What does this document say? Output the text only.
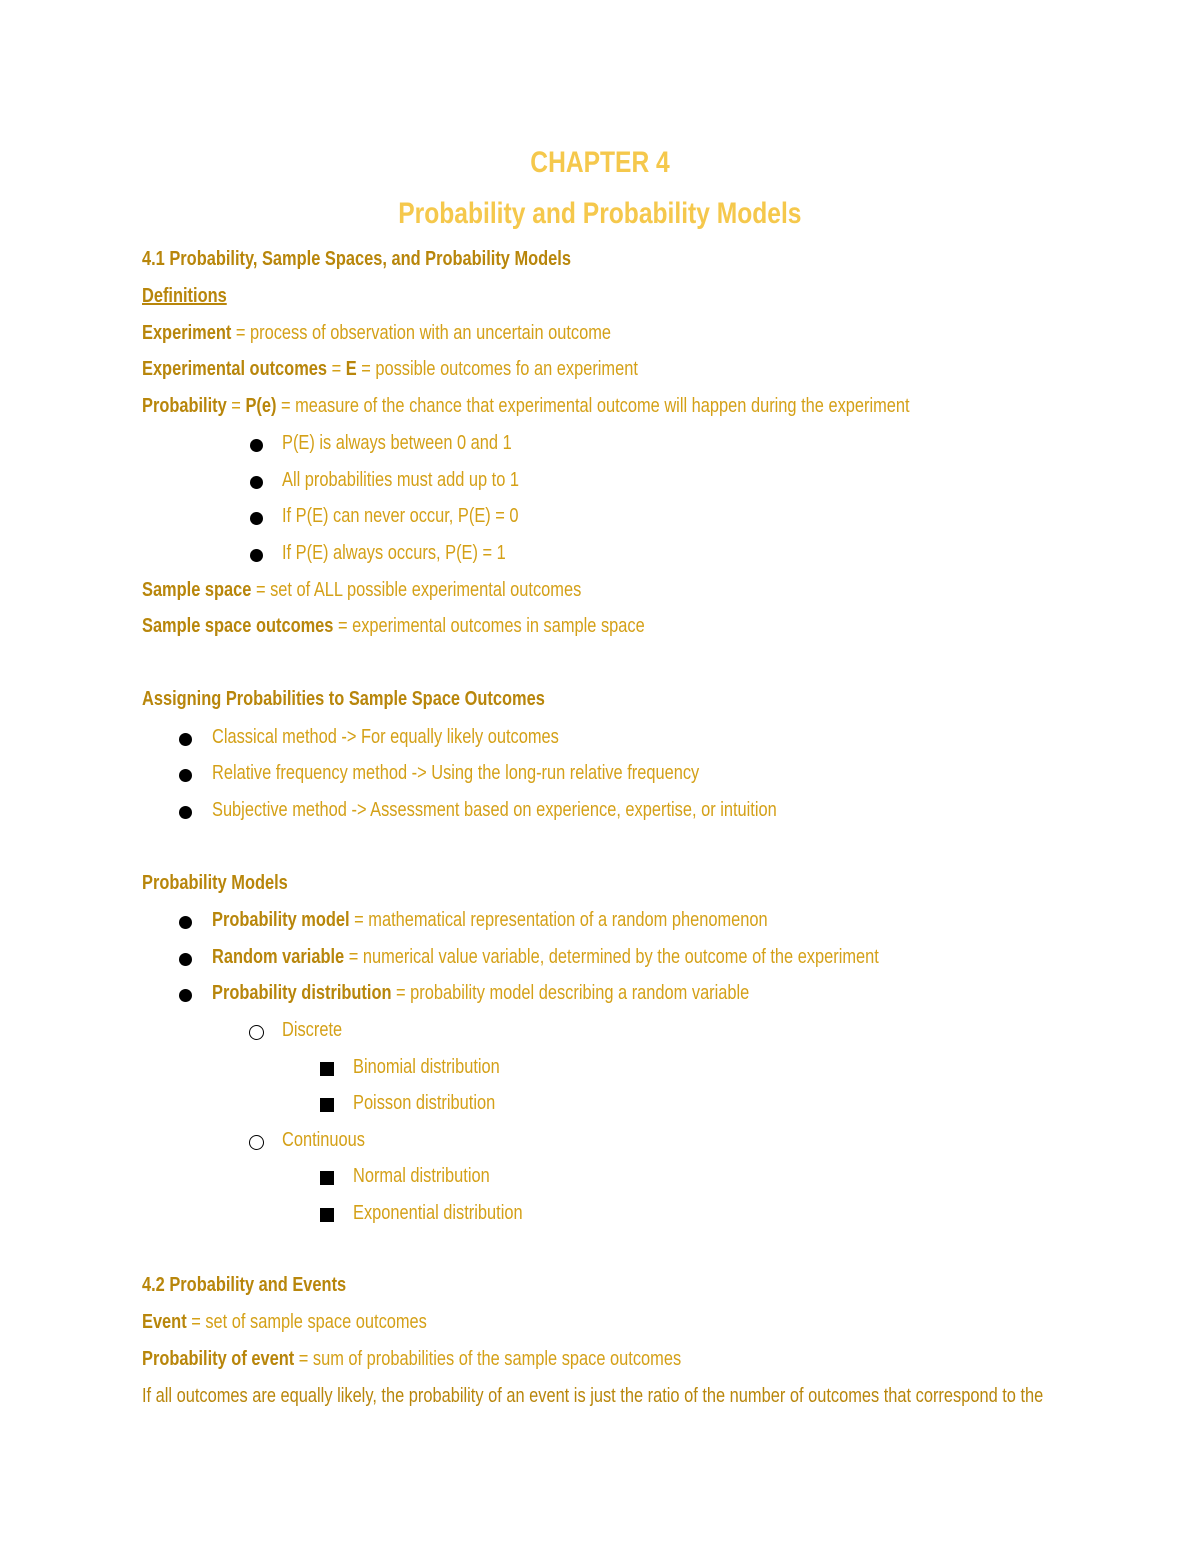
CHAPTER 4
Probability and Probability Models
4.1 Probability, Sample Spaces, and Probability Models
Definitions
Experiment = process of observation with an uncertain outcome
Experimental outcomes = E = possible outcomes fo an experiment
Probability = P(e) = measure of the chance that experimental outcome will happen during the experiment
P(E) is always between 0 and 1
All probabilities must add up to 1
If P(E) can never occur, P(E) = 0
If P(E) always occurs, P(E) = 1
Sample space = set of ALL possible experimental outcomes
Sample space outcomes = experimental outcomes in sample space
Assigning Probabilities to Sample Space Outcomes
Classical method -> For equally likely outcomes
Relative frequency method -> Using the long-run relative frequency
Subjective method -> Assessment based on experience, expertise, or intuition
Probability Models
Probability model = mathematical representation of a random phenomenon
Random variable = numerical value variable, determined by the outcome of the experiment
Probability distribution = probability model describing a random variable
Discrete
Binomial distribution
Poisson distribution
Continuous
Normal distribution
Exponential distribution
4.2 Probability and Events
Event = set of sample space outcomes
Probability of event = sum of probabilities of the sample space outcomes
If all outcomes are equally likely, the probability of an event is just the ratio of the number of outcomes that correspond to the
